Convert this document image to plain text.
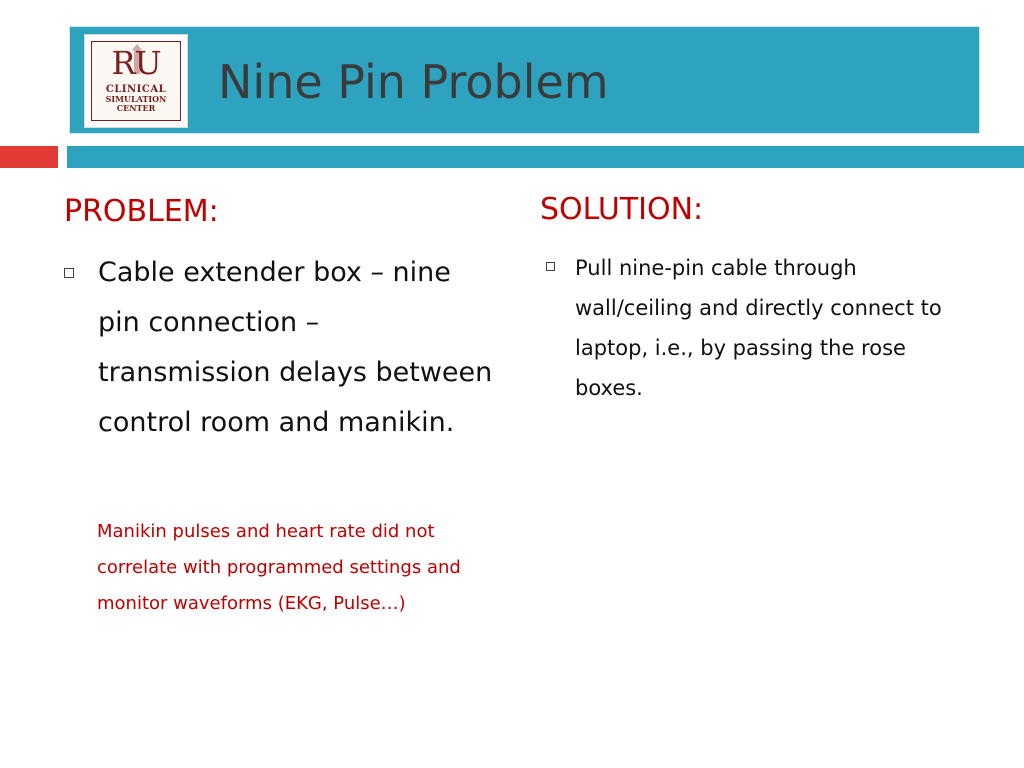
RU
CLINICAL
SIMULATION
CENTER	Nine Pin Problem
PROBLEM:
Cable extender box – nine pin connection – transmission delays between control room and manikin.
Manikin pulses and heart rate did not correlate with programmed settings and monitor waveforms (EKG, Pulse…)
SOLUTION:
Pull nine-pin cable through wall/ceiling and directly connect to laptop, i.e., by passing the rose boxes.
